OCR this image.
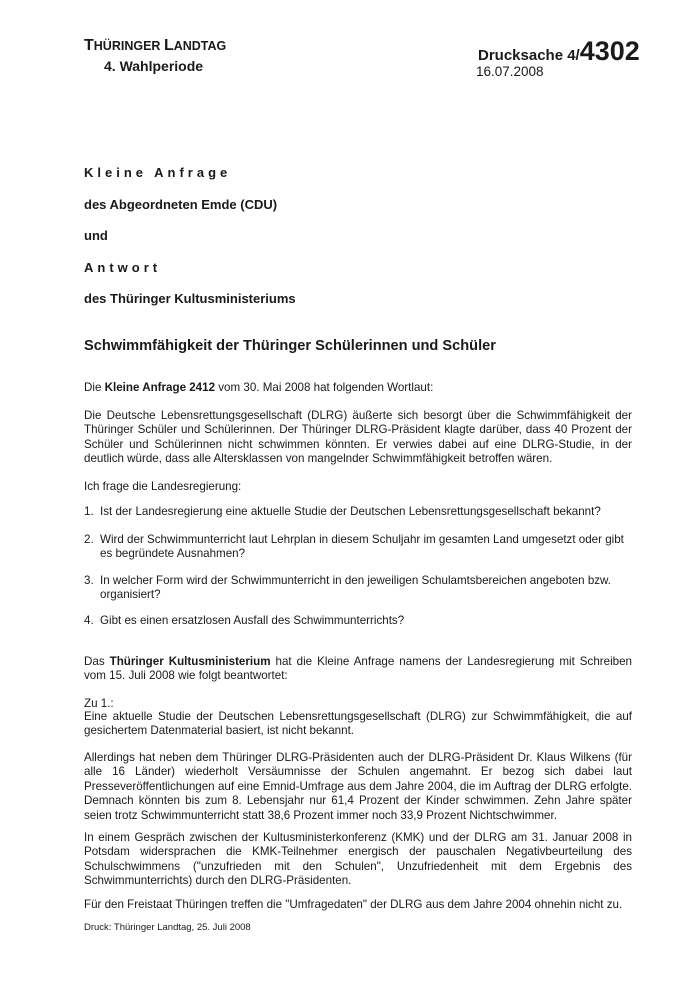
THÜRINGER LANDTAG
4. Wahlperiode
Drucksache 4/4302
16.07.2008
Kleine Anfrage
des Abgeordneten Emde (CDU)
und
Antwort
des Thüringer Kultusministeriums
Schwimmfähigkeit der Thüringer Schülerinnen und Schüler
Die Kleine Anfrage 2412 vom 30. Mai 2008 hat folgenden Wortlaut:
Die Deutsche Lebensrettungsgesellschaft (DLRG) äußerte sich besorgt über die Schwimmfähigkeit der Thüringer Schüler und Schülerinnen. Der Thüringer DLRG-Präsident klagte darüber, dass 40 Prozent der Schüler und Schülerinnen nicht schwimmen könnten. Er verwies dabei auf eine DLRG-Studie, in der deutlich würde, dass alle Altersklassen von mangelnder Schwimmfähigkeit betroffen wären.
Ich frage die Landesregierung:
1. Ist der Landesregierung eine aktuelle Studie der Deutschen Lebensrettungsgesellschaft bekannt?
2. Wird der Schwimmunterricht laut Lehrplan in diesem Schuljahr im gesamten Land umgesetzt oder gibt es begründete Ausnahmen?
3. In welcher Form wird der Schwimmunterricht in den jeweiligen Schulamtsbereichen angeboten bzw. organisiert?
4. Gibt es einen ersatzlosen Ausfall des Schwimmunterrichts?
Das Thüringer Kultusministerium hat die Kleine Anfrage namens der Landesregierung mit Schreiben vom 15. Juli 2008 wie folgt beantwortet:
Zu 1.:
Eine aktuelle Studie der Deutschen Lebensrettungsgesellschaft (DLRG) zur Schwimmfähigkeit, die auf gesichertem Datenmaterial basiert, ist nicht bekannt.
Allerdings hat neben dem Thüringer DLRG-Präsidenten auch der DLRG-Präsident Dr. Klaus Wilkens (für alle 16 Länder) wiederholt Versäumnisse der Schulen angemahnt. Er bezog sich dabei laut Presseveröffentlichungen auf eine Emnid-Umfrage aus dem Jahre 2004, die im Auftrag der DLRG erfolgte. Demnach könnten bis zum 8. Lebensjahr nur 61,4 Prozent der Kinder schwimmen. Zehn Jahre später seien trotz Schwimmunterricht statt 38,6 Prozent immer noch 33,9 Prozent Nichtschwimmer.
In einem Gespräch zwischen der Kultusministerkonferenz (KMK) und der DLRG am 31. Januar 2008 in Potsdam widersprachen die KMK-Teilnehmer energisch der pauschalen Negativbeurteilung des Schulschwimmens ("unzufrieden mit den Schulen", Unzufriedenheit mit dem Ergebnis des Schwimmunterrichts) durch den DLRG-Präsidenten.
Für den Freistaat Thüringen treffen die "Umfragedaten" der DLRG aus dem Jahre 2004 ohnehin nicht zu.
Druck: Thüringer Landtag, 25. Juli 2008
